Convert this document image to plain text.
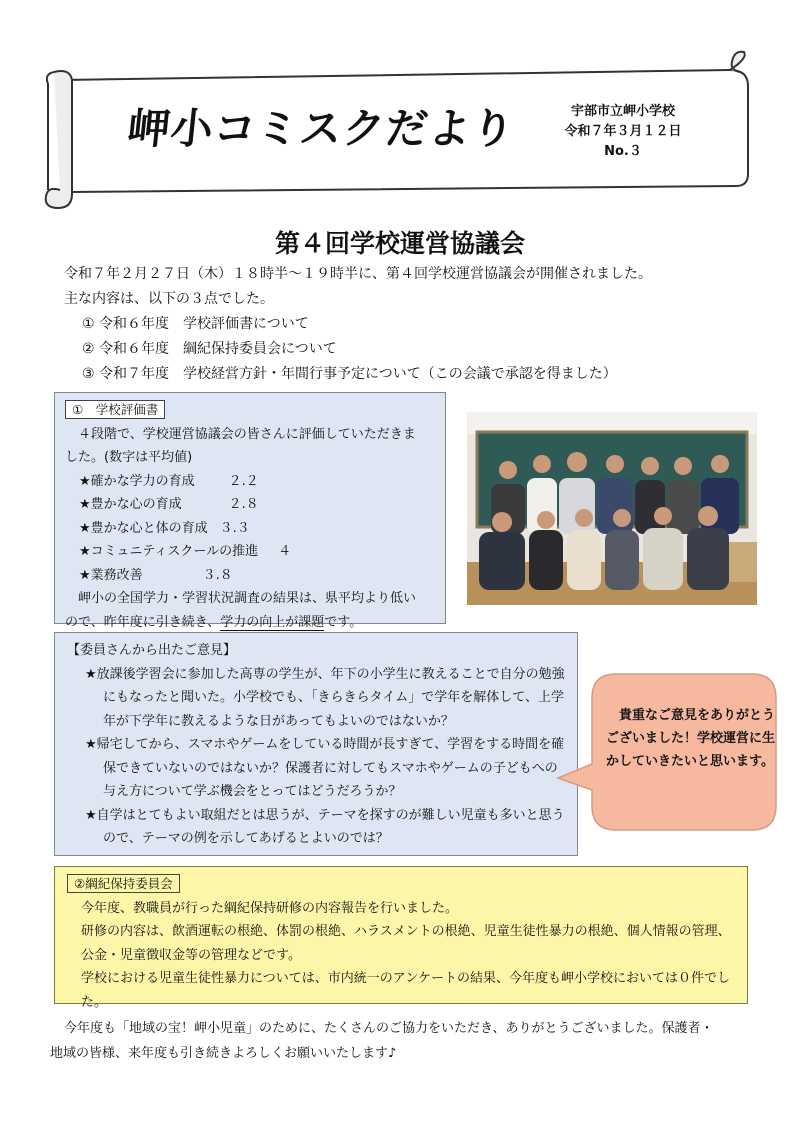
岬小コミスクだより	宇部市立岬小学校
令和７年３月１２日
No.３
第４回学校運営協議会
令和７年２月２７日（木）１８時半～１９時半に、第４回学校運営協議会が開催されました。
主な内容は、以下の３点でした。
① 令和６年度　学校評価書について
② 令和６年度　綱紀保持委員会について
③ 令和７年度　学校経営方針・年間行事予定について（この会議で承認を得ました）
①　学校評価書
　４段階で、学校運営協議会の皆さんに評価していただきま
した。(数字は平均値)
★確かな学力の育成	２.２
★豊かな心の育成	２.８
★豊かな心と体の育成 ３.３
★コミュニティスクールの推進 ４
★業務改善	３.８
　岬小の全国学力・学習状況調査の結果は、県平均より低い
ので、昨年度に引き続き、学力の向上が課題です。
【委員さんから出たご意見】
★放課後学習会に参加した高専の学生が、年下の小学生に教えることで自分の勉強にもなったと聞いた。小学校でも、「きらきらタイム」で学年を解体して、上学年が下学年に教えるような日があってもよいのではないか？
★帰宅してから、スマホやゲームをしている時間が長すぎて、学習をする時間を確保できていないのではないか？保護者に対してもスマホやゲームの子どもへの与え方について学ぶ機会をとってはどうだろうか？
★自学はとてもよい取組だとは思うが、テーマを探すのが難しい児童も多いと思うので、テーマの例を示してあげるとよいのでは？
　貴重なご意見をありがとうございました！学校運営に生かしていきたいと思います。
②綱紀保持委員会
今年度、教職員が行った綱紀保持研修の内容報告を行いました。
研修の内容は、飲酒運転の根絶、体罰の根絶、ハラスメントの根絶、児童生徒性暴力の根絶、個人情報の管理、公金・児童徴収金等の管理などです。
学校における児童生徒性暴力については、市内統一のアンケートの結果、今年度も岬小学校においては０件でした。
今年度も「地域の宝！岬小児童」のために、たくさんのご協力をいただき、ありがとうございました。保護者・
地域の皆様、来年度も引き続きよろしくお願いいたします♪
